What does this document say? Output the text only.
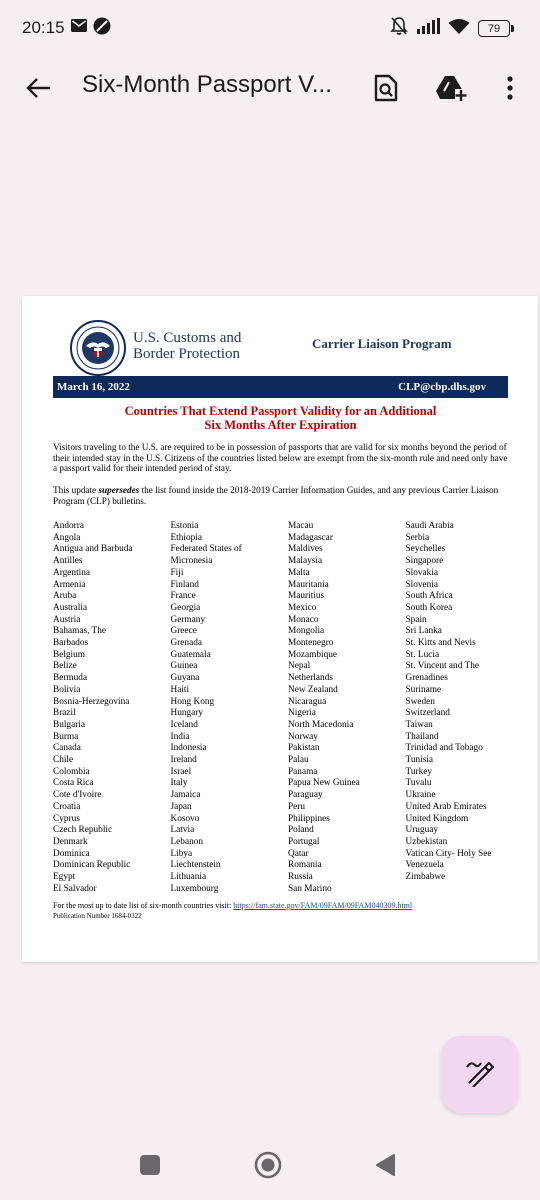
20:15	79
Six-Month Passport V...
U.S. Customs and
Border Protection
Carrier Liaison Program
March 16, 2022	CLP@cbp.dhs.gov
Countries That Extend Passport Validity for an Additional
Six Months After Expiration
Visitors traveling to the U.S. are required to be in possession of passports that are valid for six months beyond the period of their intended stay in the U.S. Citizens of the countries listed below are exempt from the six-month rule and need only have a passport valid for their intended period of stay.
This update supersedes the list found inside the 2018-2019 Carrier Information Guides, and any previous Carrier Liaison Program (CLP) bulletins.
Andorra
Angola
Antigua and Barbuda
Antilles
Argentina
Armenia
Aruba
Australia
Austria
Bahamas, The
Barbados
Belgium
Belize
Bermuda
Bolivia
Bosnia-Herzegovina
Brazil
Bulgaria
Burma
Canada
Chile
Colombia
Costa Rica
Cote d'Ivoire
Croatia
Cyprus
Czech Republic
Denmark
Dominica
Dominican Republic
Egypt
El Salvador
Estonia
Ethiopia
Federated States of
Micronesia
Fiji
Finland
France
Georgia
Germany
Greece
Grenada
Guatemala
Guinea
Guyana
Haiti
Hong Kong
Hungary
Iceland
India
Indonesia
Ireland
Israel
Italy
Jamaica
Japan
Kosovo
Latvia
Lebanon
Libya
Liechtenstein
Lithuania
Luxembourg
Macau
Madagascar
Maldives
Malaysia
Malta
Mauritania
Mauritius
Mexico
Monaco
Mongolia
Montenegro
Mozambique
Nepal
Netherlands
New Zealand
Nicaragua
Nigeria
North Macedonia
Norway
Pakistan
Palau
Panama
Papua New Guinea
Paraguay
Peru
Philippines
Poland
Portugal
Qatar
Romania
Russia
San Marino
Saudi Arabia
Serbia
Seychelles
Singapore
Slovakia
Slovenia
South Africa
South Korea
Spain
Sri Lanka
St. Kitts and Nevis
St. Lucia
St. Vincent and The
Grenadines
Suriname
Sweden
Switzerland
Taiwan
Thailand
Trinidad and Tobago
Tunisia
Turkey
Tuvalu
Ukraine
United Arab Emirates
United Kingdom
Uruguay
Uzbekistan
Vatican City- Holy See
Venezuela
Zimbabwe
For the most up to date list of six-month countries visit: https://fam.state.gov/FAM/09FAM/09FAM040309.html
Publication Number 1684-0322
